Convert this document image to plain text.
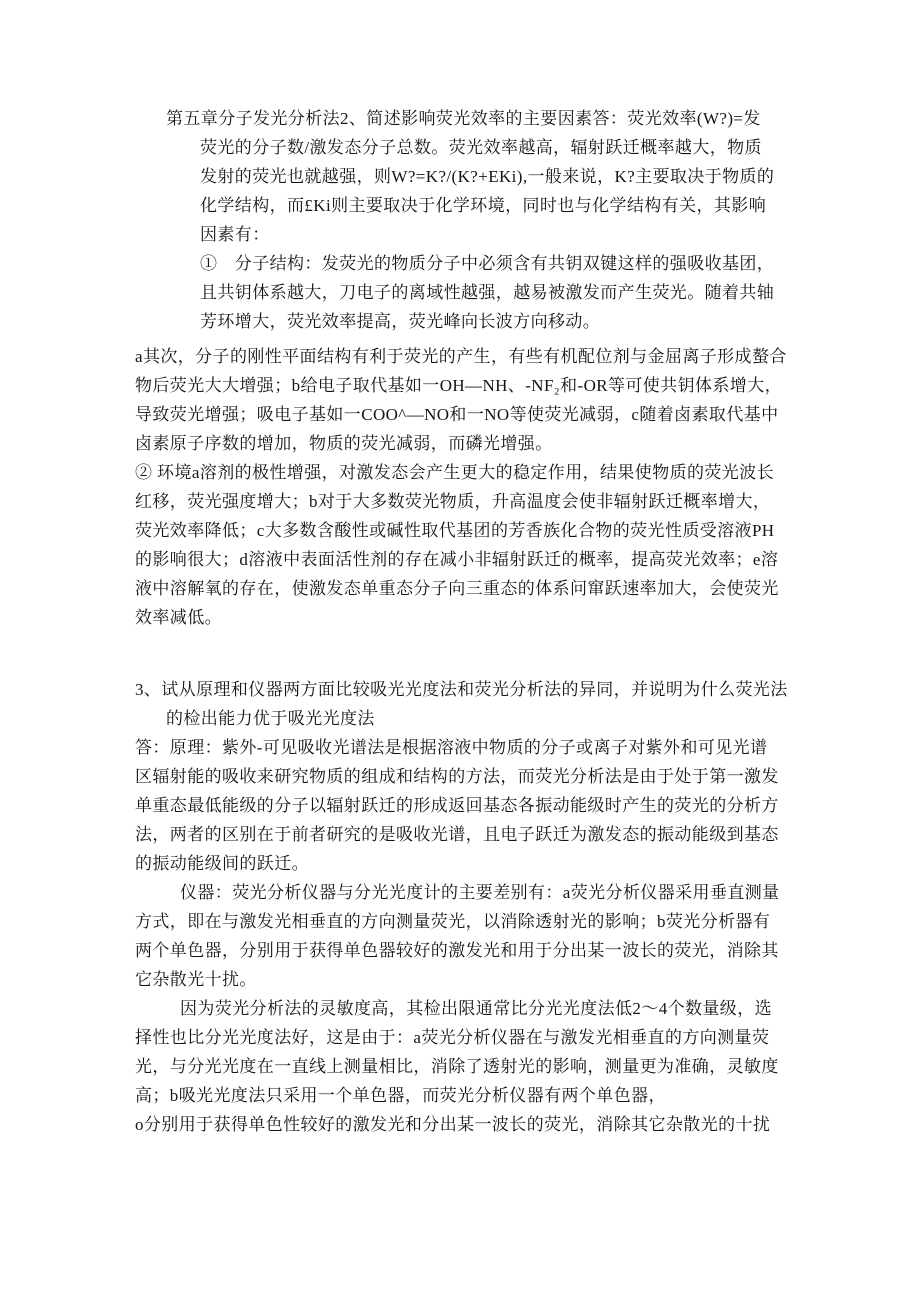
第五章分子发光分析法2、简述影响荧光效率的主要因素答：荧光效率(W?)=发
荧光的分子数/激发态分子总数。荧光效率越高，辐射跃迁概率越大，物质
发射的荧光也就越强，则W?=K?/(K?+EKi),一般来说，K?主要取决于物质的
化学结构，而£Ki则主要取决于化学环境，同时也与化学结构有关，其影响
因素有：
①　分子结构：发荧光的物质分子中必须含有共钥双键这样的强吸收基团，
且共钥体系越大，刀电子的离域性越强，越易被激发而产生荧光。随着共轴
芳环增大，荧光效率提高，荧光峰向长波方向移动。
a其次，分子的刚性平面结构有利于荧光的产生，有些有机配位剂与金屈离子形成螯合
物后荧光大大增强；b给电子取代基如一OH—NH、-NF₂和-OR等可使共钥体系增大，
导致荧光增强；吸电子基如一COO^—NO和一NO等使荧光减弱，c随着卤素取代基中
卤素原子序数的增加，物质的荧光减弱，而磷光增强。
② 环境a溶剂的极性增强，对激发态会产生更大的稳定作用，结果使物质的荧光波长
红移，荧光强度增大；b对于大多数荧光物质，升高温度会使非辐射跃迁概率增大，
荧光效率降低；c大多数含酸性或碱性取代基团的芳香族化合物的荧光性质受溶液PH
的影响很大；d溶液中表面活性剂的存在减小非辐射跃迁的概率，提高荧光效率；e溶
液中溶解氧的存在，使激发态单重态分子向三重态的体系问窜跃速率加大，会使荧光
效率减低。
3、试从原理和仪器两方面比较吸光光度法和荧光分析法的异同，并说明为什么荧光法
的检出能力优于吸光光度法
答：原理：紫外-可见吸收光谱法是根据溶液中物质的分子或离子对紫外和可见光谱
区辐射能的吸收来研究物质的组成和结构的方法，而荧光分析法是由于处于第一激发
单重态最低能级的分子以辐射跃迁的形成返回基态各振动能级时产生的荧光的分析方
法，两者的区别在于前者研究的是吸收光谱，且电子跃迁为激发态的振动能级到基态
的振动能级间的跃迁。
仪器：荧光分析仪器与分光光度计的主要差别有：a荧光分析仪器采用垂直测量
方式，即在与激发光相垂直的方向测量荧光，以消除透射光的影响；b荧光分析器有
两个单色器，分别用于获得单色器较好的激发光和用于分出某一波长的荧光，消除其
它杂散光十扰。
因为荧光分析法的灵敏度高，其检出限通常比分光光度法低2～4个数量级，选
择性也比分光光度法好，这是由于：a荧光分析仪器在与激发光相垂直的方向测量荧
光，与分光光度在一直线上测量相比，消除了透射光的影响，测量更为准确，灵敏度
高；b吸光光度法只采用一个单色器，而荧光分析仪器有两个单色器，
o分别用于获得单色性较好的激发光和分出某一波长的荧光，消除其它杂散光的十扰
